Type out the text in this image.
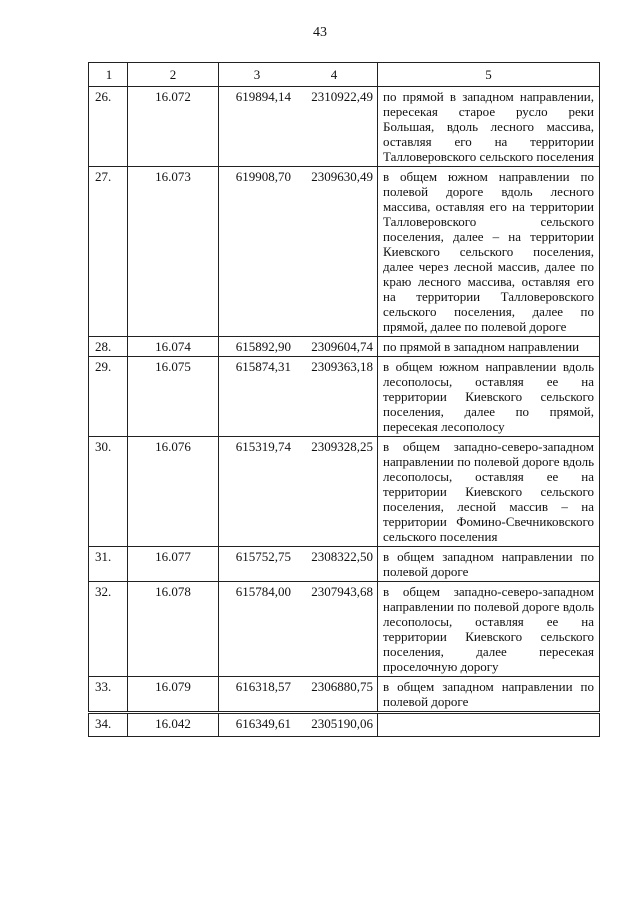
43
1	2	3	4	5
26.	16.072	619894,14	2310922,49	по прямой в западном направлении, пересекая старое русло реки Большая, вдоль лесного массива, оставляя его на территории Талловеровского сельского поселения
27.	16.073	619908,70	2309630,49	в общем южном направлении по полевой дороге вдоль лесного массива, оставляя его на территории Талловеровского сельского поселения, далее – на территории Киевского сельского поселения, далее через лесной массив, далее по краю лесного массива, оставляя его на территории Талловеровского сельского поселения, далее по прямой, далее по полевой дороге
28.	16.074	615892,90	2309604,74	по прямой в западном направлении
29.	16.075	615874,31	2309363,18	в общем южном направлении вдоль лесополосы, оставляя ее на территории Киевского сельского поселения, далее по прямой, пересекая лесополосу
30.	16.076	615319,74	2309328,25	в общем западно-северо-западном направлении по полевой дороге вдоль лесополосы, оставляя ее на территории Киевского сельского поселения, лесной массив – на территории Фомино-Свечниковского сельского поселения
31.	16.077	615752,75	2308322,50	в общем западном направлении по полевой дороге
32.	16.078	615784,00	2307943,68	в общем западно-северо-западном направлении по полевой дороге вдоль лесополосы, оставляя ее на территории Киевского сельского поселения, далее пересекая проселочную дорогу
33.	16.079	616318,57	2306880,75	в общем западном направлении по полевой дороге
34.	16.042	616349,61	2305190,06	
